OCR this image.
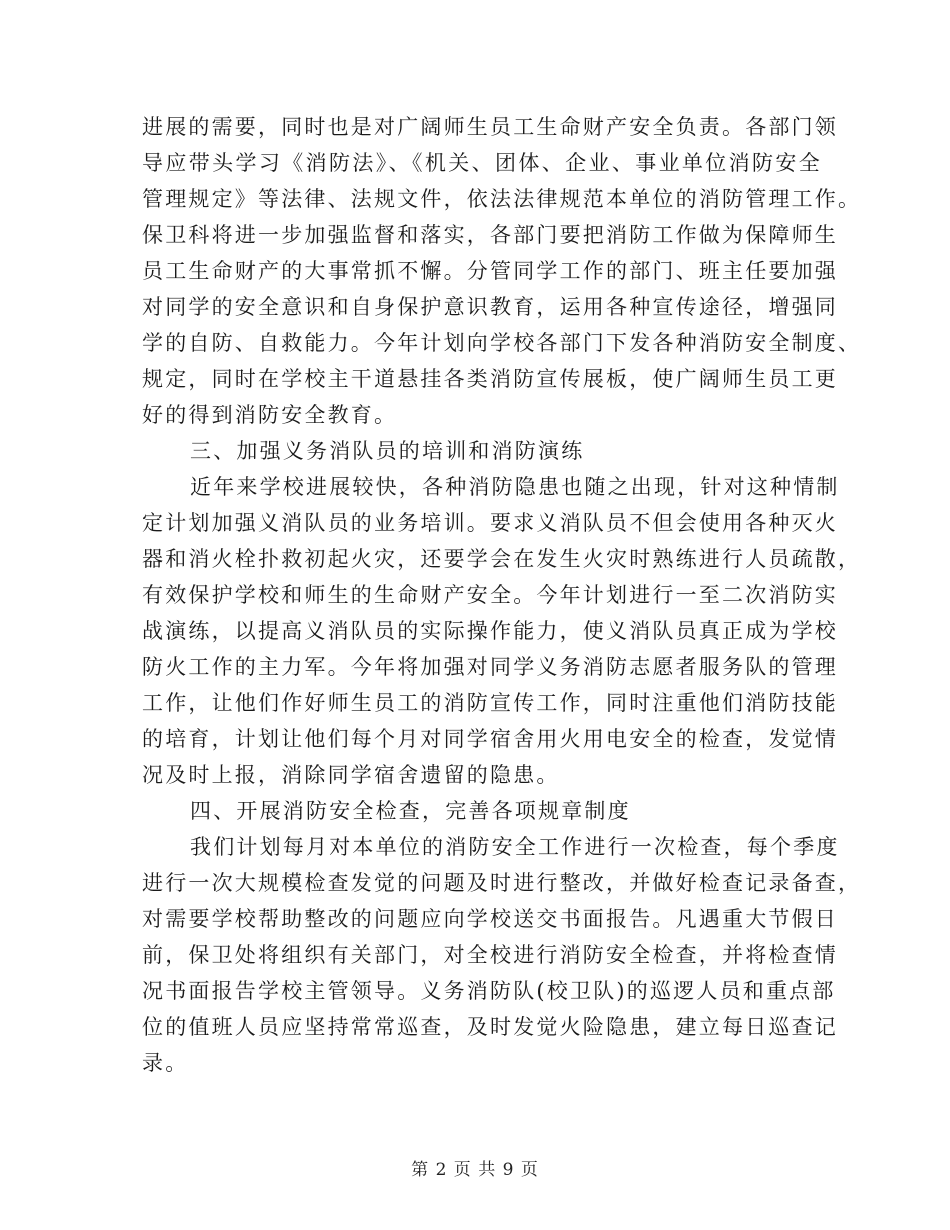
进展的需要，同时也是对广阔师生员工生命财产安全负责。各部门领
导应带头学习《消防法》、《机关、团体、企业、事业单位消防安全
管理规定》等法律、法规文件，依法法律规范本单位的消防管理工作。
保卫科将进一步加强监督和落实，各部门要把消防工作做为保障师生
员工生命财产的大事常抓不懈。分管同学工作的部门、班主任要加强
对同学的安全意识和自身保护意识教育，运用各种宣传途径，增强同
学的自防、自救能力。今年计划向学校各部门下发各种消防安全制度、
规定，同时在学校主干道悬挂各类消防宣传展板，使广阔师生员工更
好的得到消防安全教育。
三、加强义务消队员的培训和消防演练
近年来学校进展较快，各种消防隐患也随之出现，针对这种情制
定计划加强义消队员的业务培训。要求义消队员不但会使用各种灭火
器和消火栓扑救初起火灾，还要学会在发生火灾时熟练进行人员疏散，
有效保护学校和师生的生命财产安全。今年计划进行一至二次消防实
战演练，以提高义消队员的实际操作能力，使义消队员真正成为学校
防火工作的主力军。今年将加强对同学义务消防志愿者服务队的管理
工作，让他们作好师生员工的消防宣传工作，同时注重他们消防技能
的培育，计划让他们每个月对同学宿舍用火用电安全的检查，发觉情
况及时上报，消除同学宿舍遗留的隐患。
四、开展消防安全检查，完善各项规章制度
我们计划每月对本单位的消防安全工作进行一次检查，每个季度
进行一次大规模检查发觉的问题及时进行整改，并做好检查记录备查，
对需要学校帮助整改的问题应向学校送交书面报告。凡遇重大节假日
前，保卫处将组织有关部门，对全校进行消防安全检查，并将检查情
况书面报告学校主管领导。义务消防队(校卫队)的巡逻人员和重点部
位的值班人员应坚持常常巡查，及时发觉火险隐患，建立每日巡查记
录。
第 2 页 共 9 页
